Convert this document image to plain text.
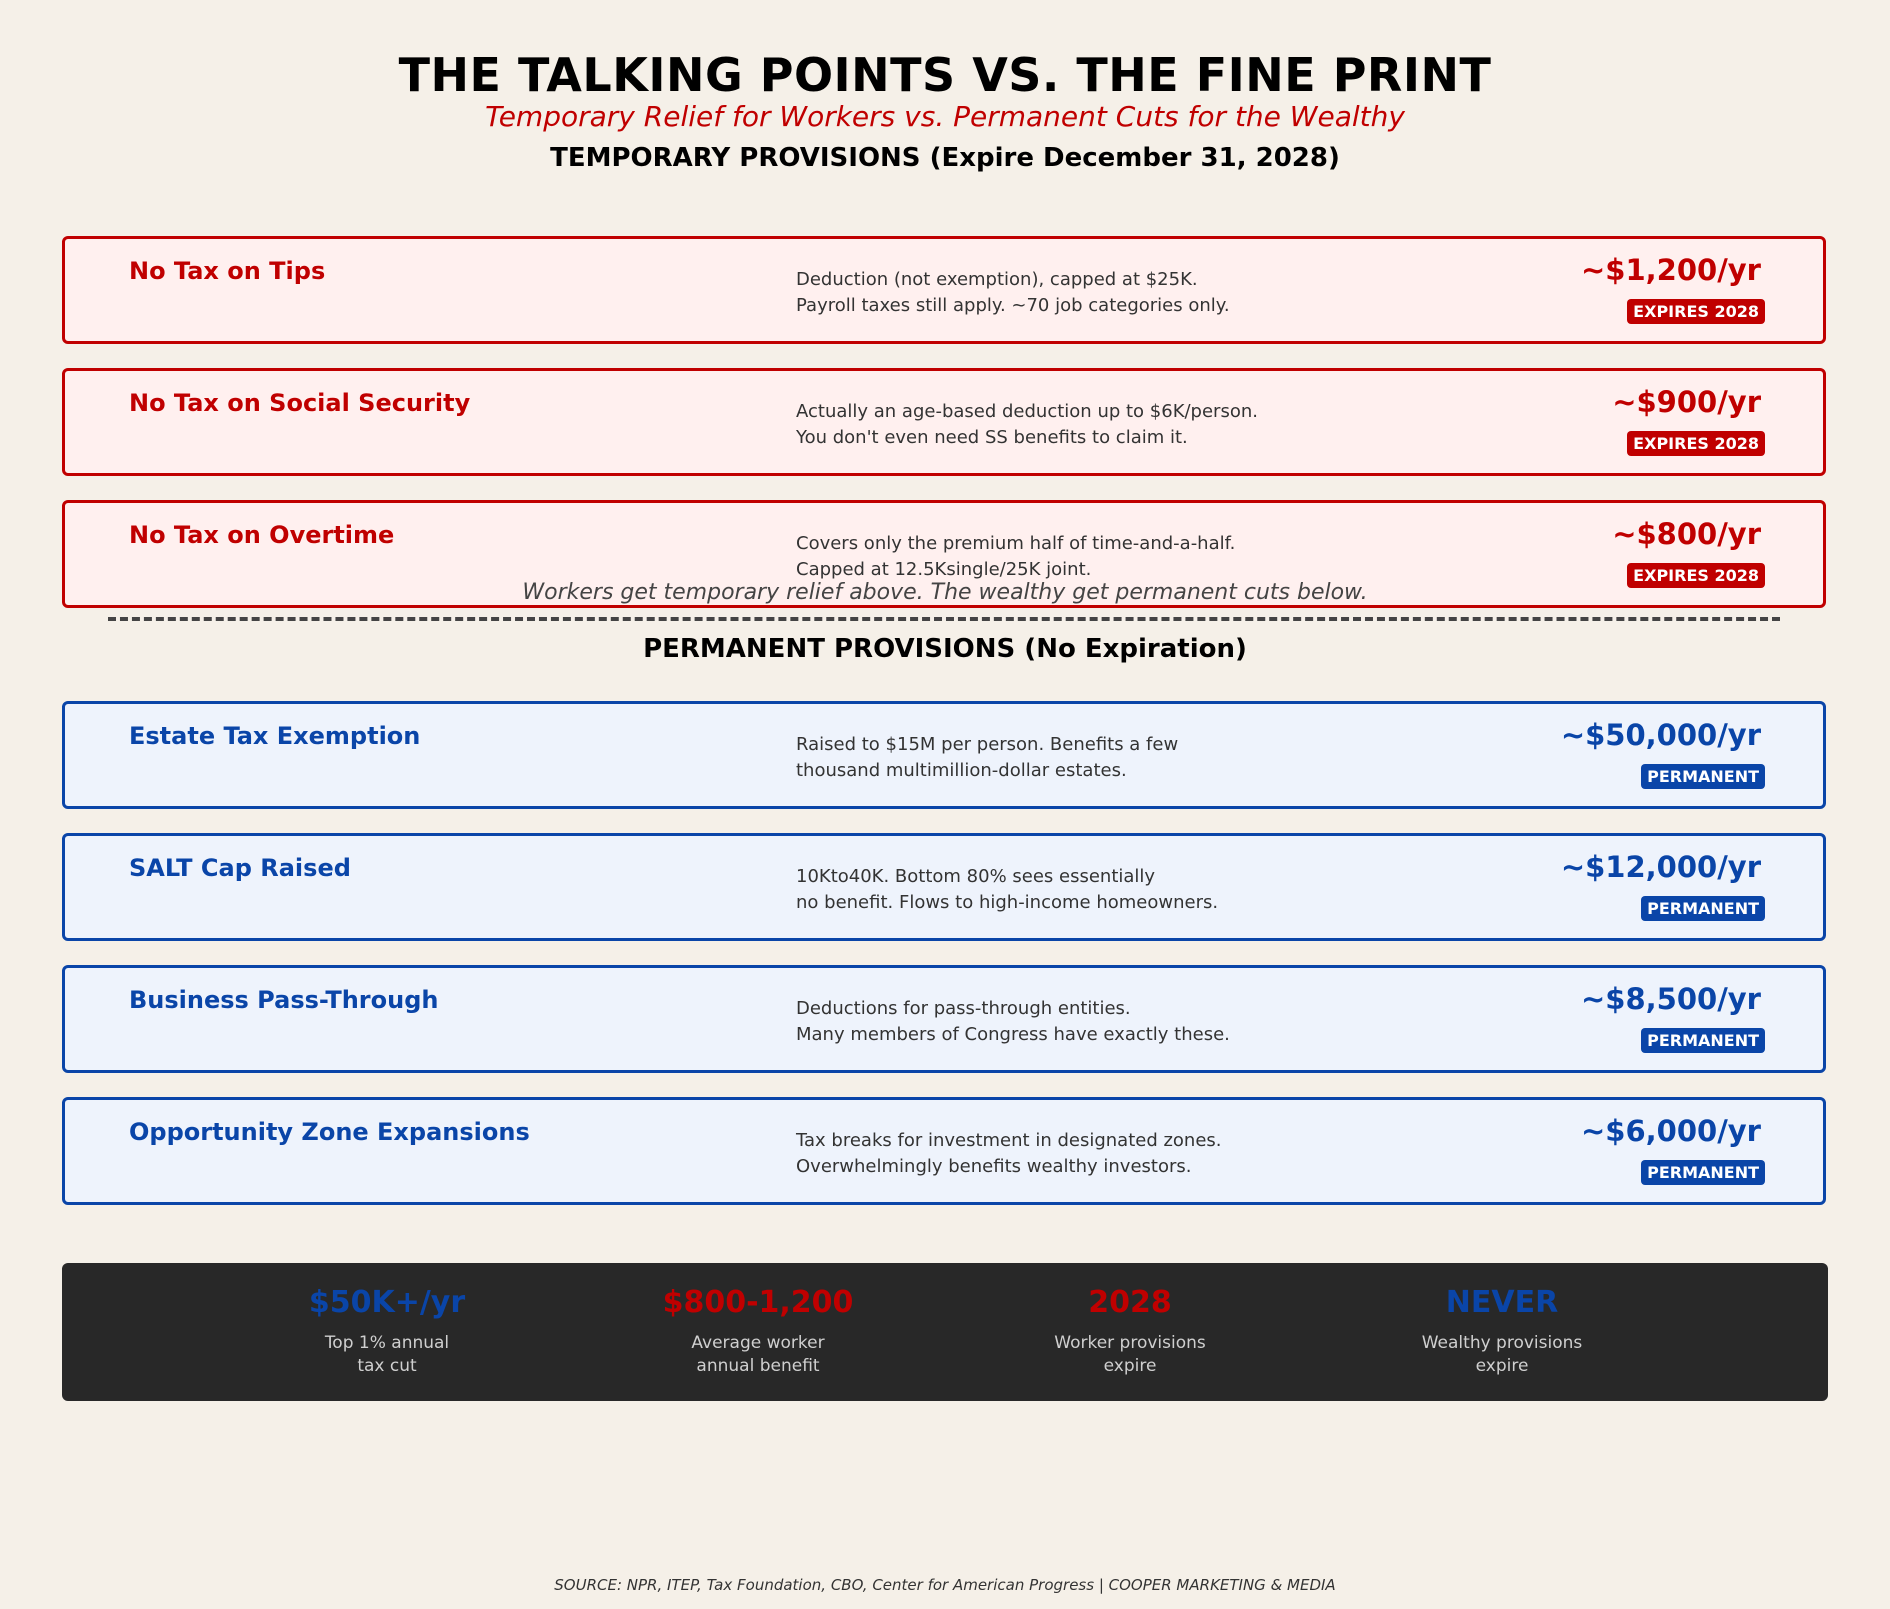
THE TALKING POINTS VS. THE FINE PRINT
Temporary Relief for Workers vs. Permanent Cuts for the Wealthy
TEMPORARY PROVISIONS (Expire December 31, 2028)
No Tax on Tips	Deduction (not exemption), capped at $25K.
Payroll taxes still apply. ~70 job categories only.
~$1,200/yr
EXPIRES 2028
No Tax on Social Security	Actually an age-based deduction up to $6K/person.
You don't even need SS benefits to claim it.
~$900/yr
EXPIRES 2028
No Tax on Overtime	Covers only the premium half of time-and-a-half.
Capped at 12.5Ksingle/25K joint.
~$800/yr
EXPIRES 2028
Workers get temporary relief above. The wealthy get permanent cuts below.
PERMANENT PROVISIONS (No Expiration)
Estate Tax Exemption	Raised to $15M per person. Benefits a few
thousand multimillion-dollar estates.
~$50,000/yr
PERMANENT
SALT Cap Raised	10Kto40K. Bottom 80% sees essentially
no benefit. Flows to high-income homeowners.
~$12,000/yr
PERMANENT
Business Pass-Through	Deductions for pass-through entities.
Many members of Congress have exactly these.
~$8,500/yr
PERMANENT
Opportunity Zone Expansions	Tax breaks for investment in designated zones.
Overwhelmingly benefits wealthy investors.
~$6,000/yr
PERMANENT
$50K+/yr
Top 1% annual
tax cut
$800-1,200
Average worker
annual benefit
2028
Worker provisions
expire
NEVER
Wealthy provisions
expire
SOURCE: NPR, ITEP, Tax Foundation, CBO, Center for American Progress | COOPER MARKETING & MEDIA
